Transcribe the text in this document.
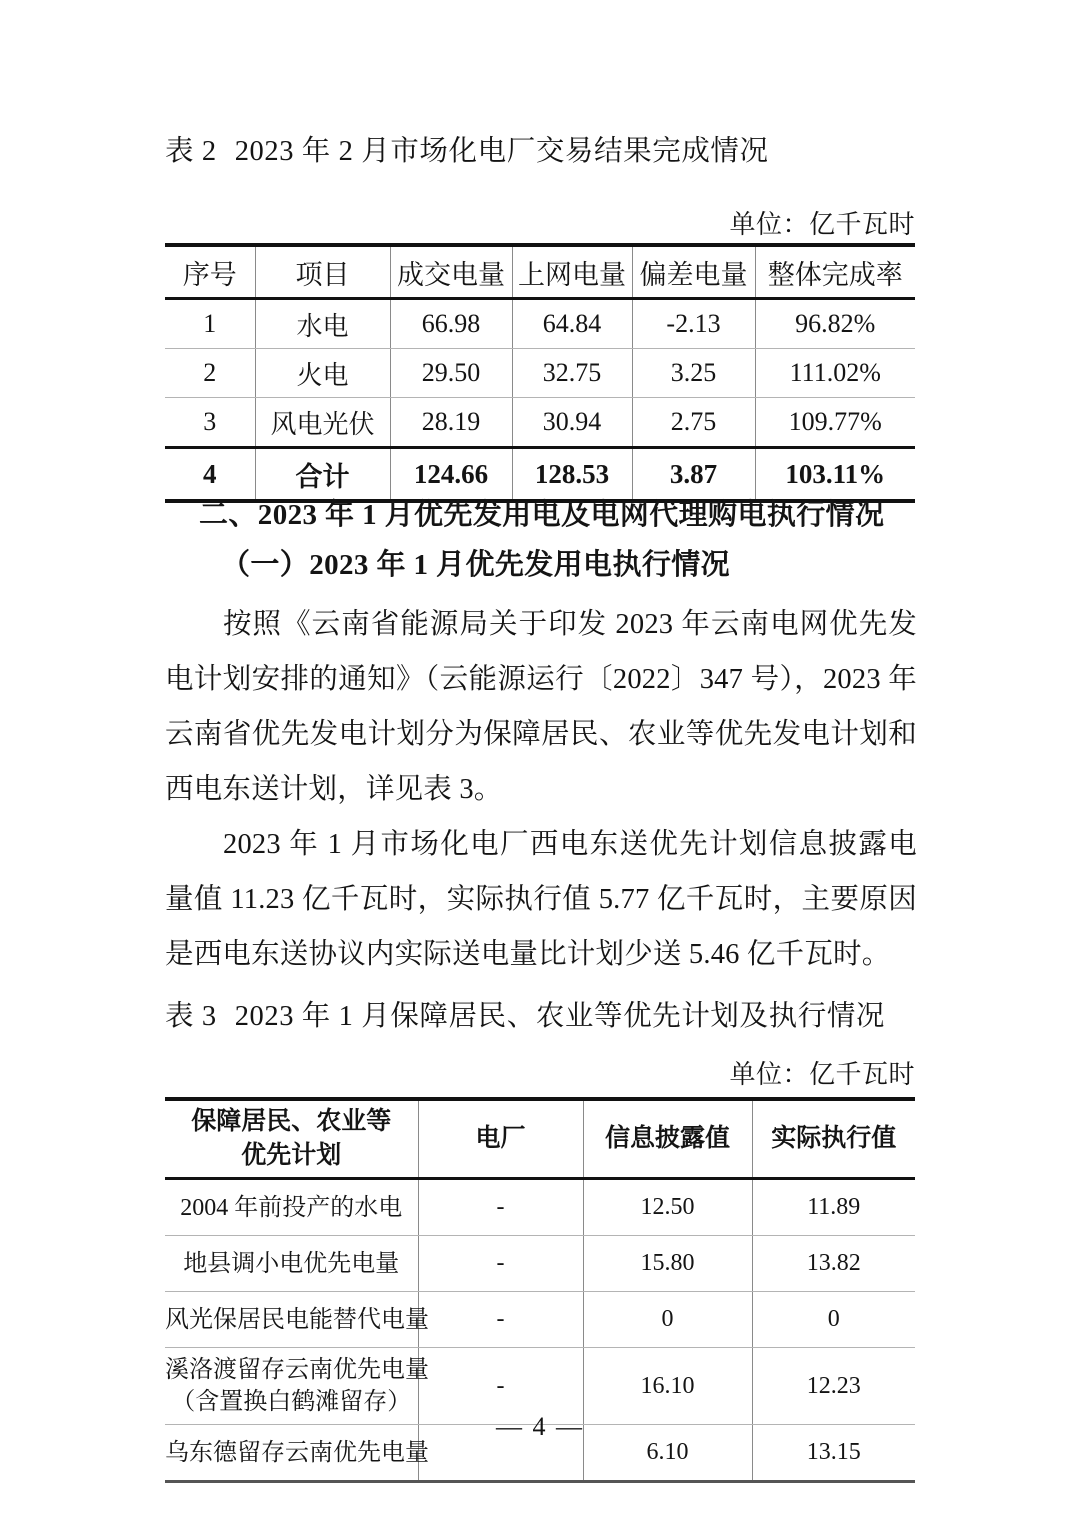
表 2 2023 年 2 月市场化电厂交易结果完成情况
单位：亿千瓦时
序号	项目	成交电量	上网电量	偏差电量	整体完成率
1	水电	66.98	64.84	-2.13	96.82%
2	火电	29.50	32.75	3.25	111.02%
3	风电光伏	28.19	30.94	2.75	109.77%
4	合计	124.66	128.53	3.87	103.11%
二、2023 年 1 月优先发用电及电网代理购电执行情况
（一）2023 年 1 月优先发用电执行情况

按照《云南省能源局关于印发 2023 年云南电网优先发电计划安排的通知》（云能源运行〔2022〕347 号），2023 年云南省优先发电计划分为保障居民、农业等优先发电计划和西电东送计划，详见表 3。

2023 年 1 月市场化电厂西电东送优先计划信息披露电量值 11.23 亿千瓦时，实际执行值 5.77 亿千瓦时，主要原因是西电东送协议内实际送电量比计划少送 5.46 亿千瓦时。

表 3 2023 年 1 月保障居民、农业等优先计划及执行情况
单位：亿千瓦时
保障居民、农业等
优先计划	电厂	信息披露值	实际执行值
2004 年前投产的水电	-	12.50	11.89
地县调小电优先电量	-	15.80	13.82
风光保居民电能替代电量	-	0	0

溪洛渡留存云南优先电量
（含置换白鹤滩留存）	-	16.10	12.23
乌东德留存云南优先电量		6.10	13.15
— 4 —
